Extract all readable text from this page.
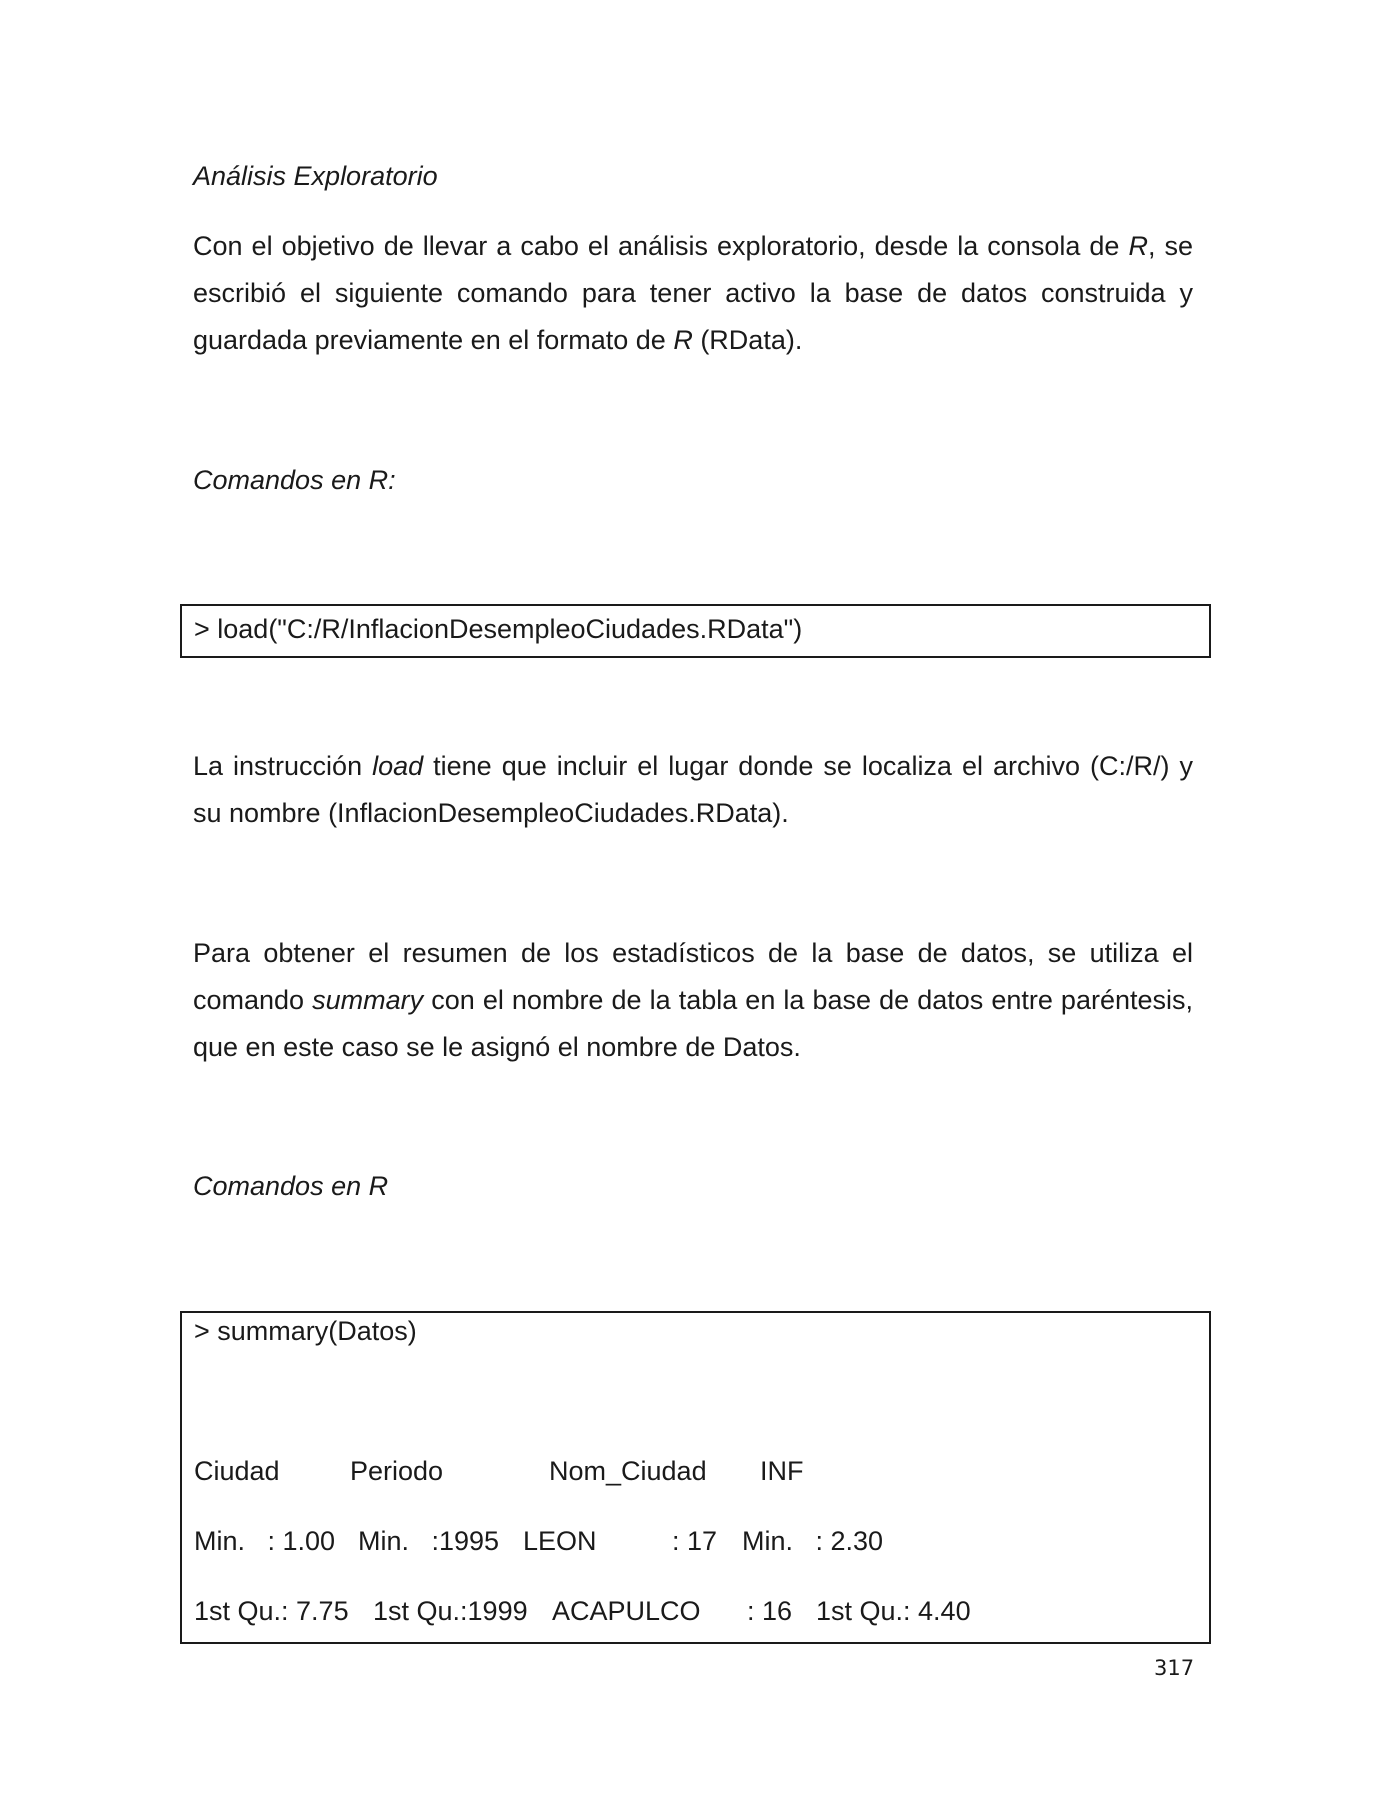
Análisis Exploratorio

Con el objetivo de llevar a cabo el análisis exploratorio, desde la consola de R, se escribió el siguiente comando para tener activo la base de datos construida y guardada previamente en el formato de R (RData).

Comandos en R:
> load("C:/R/InflacionDesempleoCiudades.RData")

La instrucción load tiene que incluir el lugar donde se localiza el archivo (C:/R/) y su nombre (InflacionDesempleoCiudades.RData).

Para obtener el resumen de los estadísticos de la base de datos, se utiliza el comando summary con el nombre de la tabla en la base de datos entre paréntesis, que en este caso se le asignó el nombre de Datos.

Comandos en R
> summary(Datos)
Ciudad	Periodo	Nom_Ciudad INF
Min.   : 1.00 Min.   :1995 LEON	: 17 Min.   : 2.30
1st Qu.: 7.75 1st Qu.:1999 ACAPULCO : 16 1st Qu.: 4.40
317
